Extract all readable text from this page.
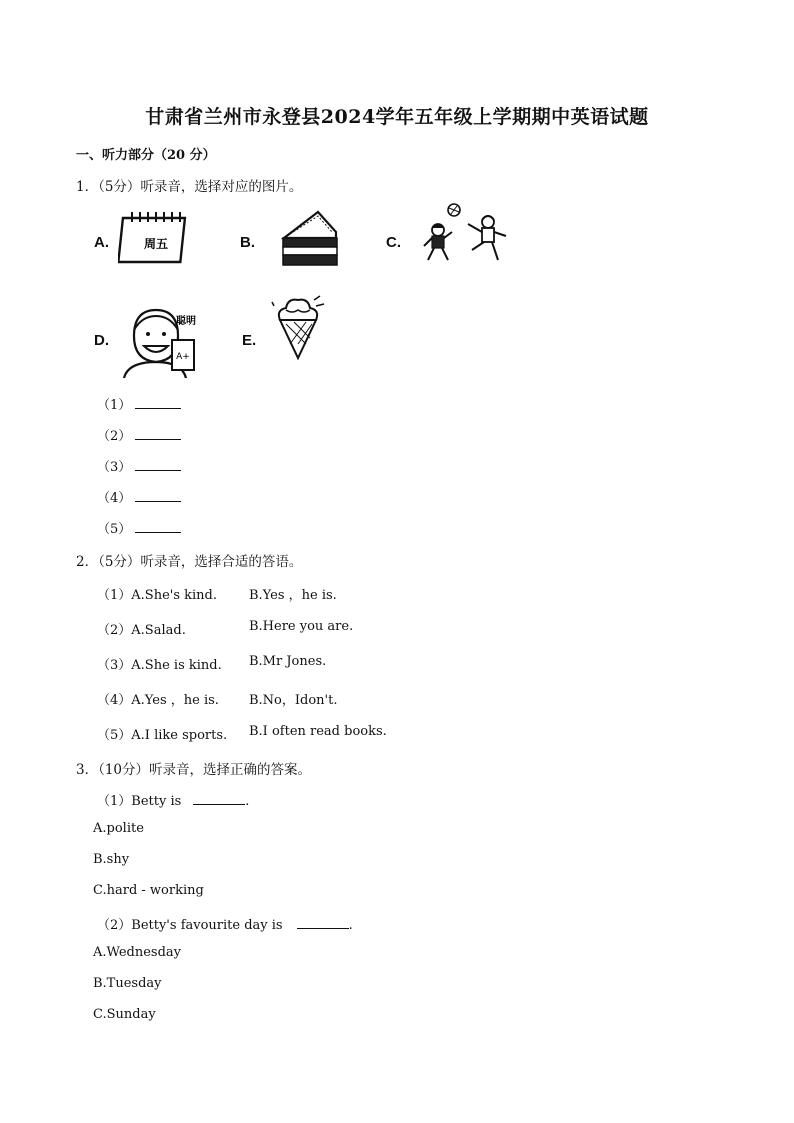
甘肃省兰州市永登县2024学年五年级上学期期中英语试题
一、听力部分（20 分）
1．（5分）听录音，选择对应的图片。
A.	周五	B.	C.
D.
A+
聪明
E.
（1）
（2）
（3）
（4）
（5）
2．（5分）听录音，选择合适的答语。
（1）A.She's kind. B.Yes ，he is.
（2）A.Salad.	B.Here you are.
（3）A.She is kind. B.Mr Jones.
（4）A.Yes ，he is. B.No，Idon't.
（5）A.I like sports. B.I often read books.
3．（10分）听录音，选择正确的答案。
（1）Betty is	.
A.polite
B.shy
C.hard - working
（2）Betty's favourite day is	.
A.Wednesday
B.Tuesday
C.Sunday
